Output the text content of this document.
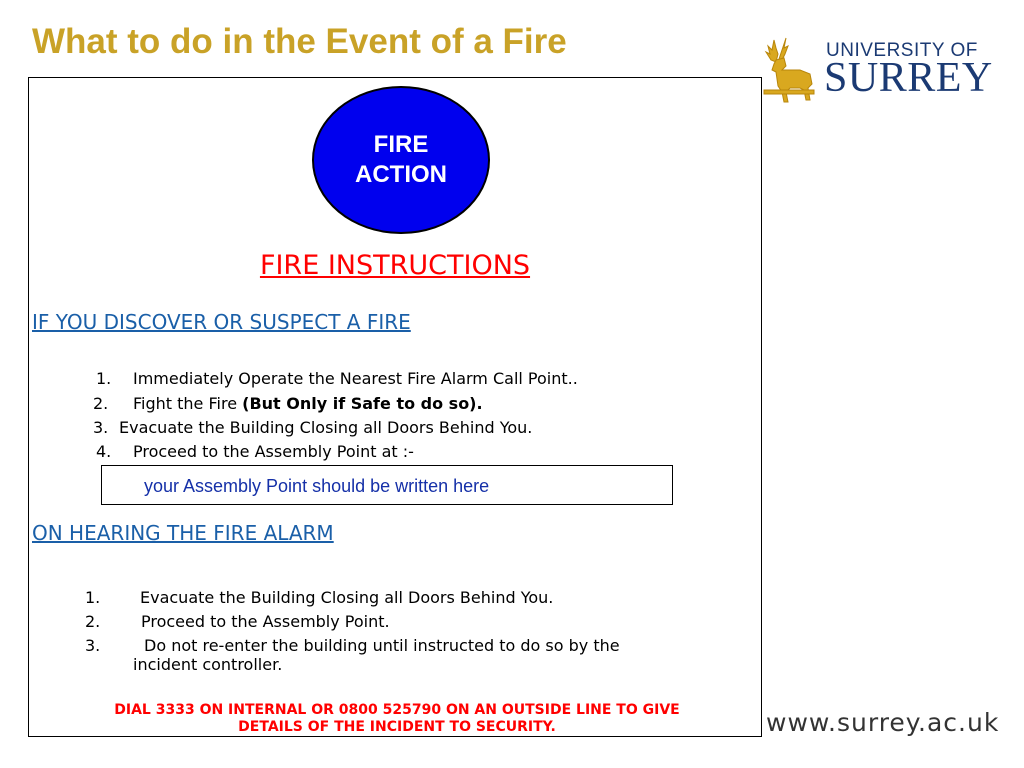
What to do in the Event of a Fire	UNIVERSITY OF
SURREY
FIRE
ACTION
FIRE INSTRUCTIONS
IF YOU DISCOVER OR SUSPECT A FIRE
1. Immediately Operate the Nearest Fire Alarm Call Point..
2. Fight the Fire (But Only if Safe to do so).
3. Evacuate the Building Closing all Doors Behind You.
4. Proceed to the Assembly Point at :-
your Assembly Point should be written here
ON HEARING THE FIRE ALARM
1. Evacuate the Building Closing all Doors Behind You.
2.	Proceed to the Assembly Point.
3.	Do not re-enter the building until instructed to do so by the
incident controller.
DIAL 3333 ON INTERNAL OR 0800 525790 ON AN OUTSIDE LINE TO GIVE
DETAILS OF THE INCIDENT TO SECURITY.	www.surrey.ac.uk
